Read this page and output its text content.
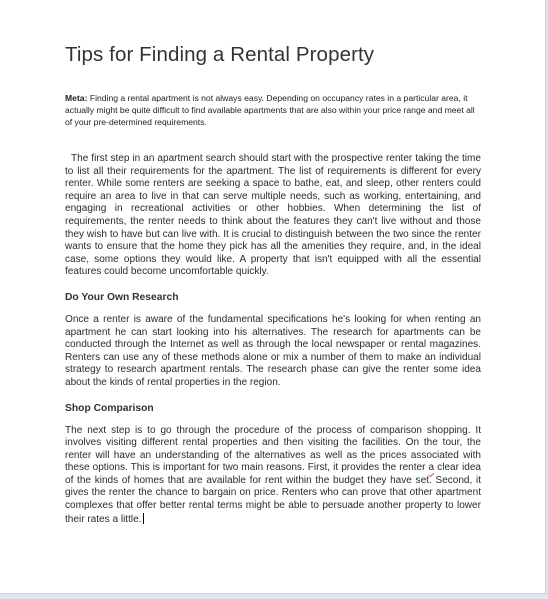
Tips for Finding a Rental Property

Meta: Finding a rental apartment is not always easy. Depending on occupancy rates in a particular area, it actually might be quite difficult to find available apartments that are also within your price range and meet all of your pre-determined requirements.

The first step in an apartment search should start with the prospective renter taking the time to list all their requirements for the apartment. The list of requirements is different for every renter. While some renters are seeking a space to bathe, eat, and sleep, other renters could require an area to live in that can serve multiple needs, such as working, entertaining, and engaging in recreational activities or other hobbies. When determining the list of requirements, the renter needs to think about the features they can't live without and those they wish to have but can live with. It is crucial to distinguish between the two since the renter wants to ensure that the home they pick has all the amenities they require, and, in the ideal case, some options they would like. A property that isn't equipped with all the essential features could become uncomfortable quickly.

Do Your Own Research

Once a renter is aware of the fundamental specifications he's looking for when renting an apartment he can start looking into his alternatives. The research for apartments can be conducted through the Internet as well as through the local newspaper or rental magazines. Renters can use any of these methods alone or mix a number of them to make an individual strategy to research apartment rentals. The research phase can give the renter some idea about the kinds of rental properties in the region.

Shop Comparison

The next step is to go through the procedure of the process of comparison shopping. It involves visiting different rental properties and then visiting the facilities. On the tour, the renter will have an understanding of the alternatives as well as the prices associated with these options. This is important for two main reasons. First, it provides the renter a clear idea of the kinds of homes that are available for rent within the budget they have set. Second, it gives the renter the chance to bargain on price. Renters who can prove that other apartment complexes that offer better rental terms might be able to persuade another property to lower their rates a little.
